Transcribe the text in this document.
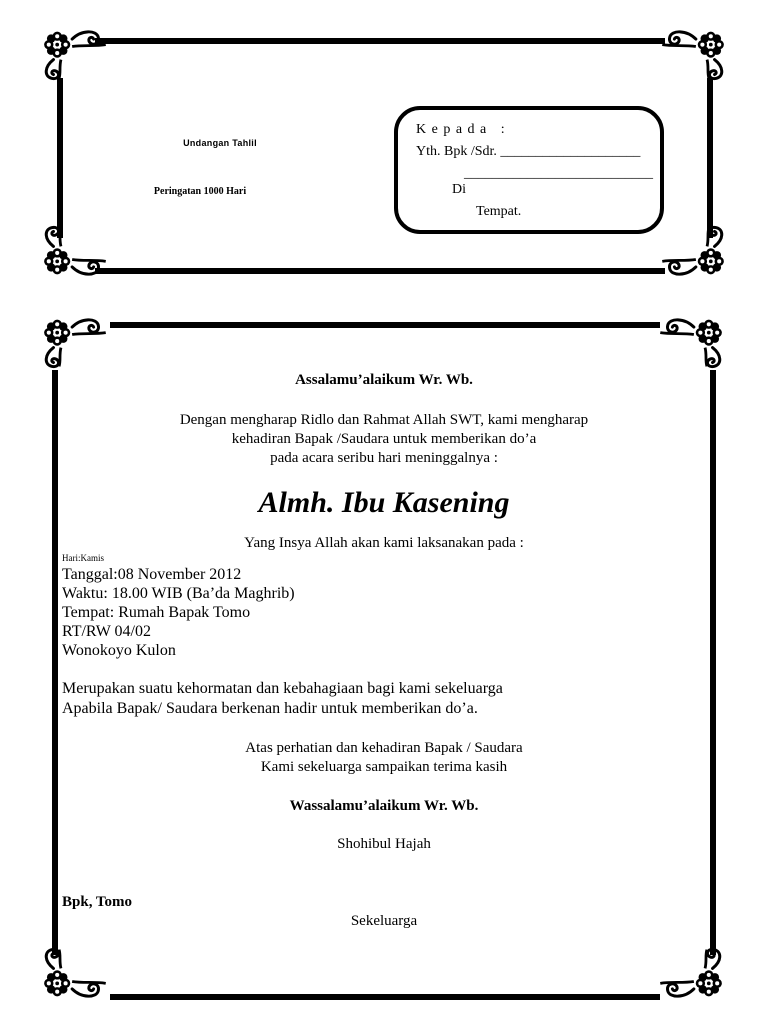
Undangan Tahlil
Peringatan 1000 Hari
K e p a d a   :
Yth. Bpk /Sdr. ____________________
___________________________
Di
Tempat.
Assalamu’alaikum Wr. Wb.
Dengan mengharap Ridlo dan Rahmat Allah SWT, kami mengharap
kehadiran Bapak /Saudara untuk memberikan do’a
pada acara seribu hari meninggalnya :
Almh. Ibu Kasening
Yang Insya Allah akan kami laksanakan pada :
Hari:Kamis
Tanggal:08 November 2012
Waktu: 18.00 WIB (Ba’da Maghrib)
Tempat: Rumah Bapak Tomo
RT/RW 04/02
Wonokoyo Kulon
Merupakan suatu kehormatan dan kebahagiaan bagi kami sekeluarga
Apabila Bapak/ Saudara berkenan hadir untuk memberikan do’a.
Atas perhatian dan kehadiran Bapak / Saudara
Kami sekeluarga sampaikan terima kasih
Wassalamu’alaikum Wr. Wb.
Shohibul Hajah
Bpk, Tomo
Sekeluarga
